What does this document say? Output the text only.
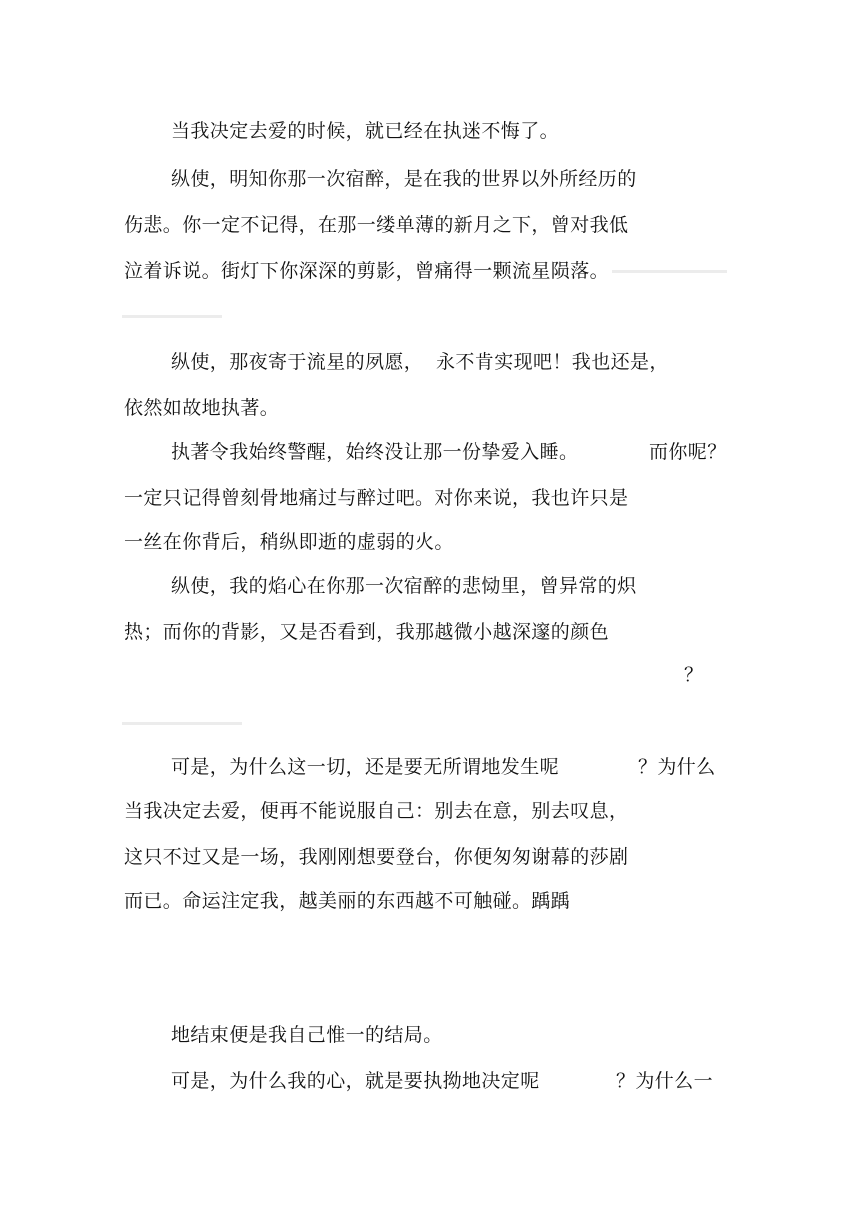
当我决定去爱的时候，就已经在执迷不悔了。
纵使，明知你那一次宿醉，是在我的世界以外所经历的
伤悲。你一定不记得，在那一缕单薄的新月之下，曾对我低
泣着诉说。街灯下你深深的剪影，曾痛得一颗流星陨落。
纵使，那夜寄于流星的夙愿， 永不肯实现吧！我也还是，
依然如故地执著。
执著令我始终警醒，始终没让那一份挚爱入睡。	而你呢？
一定只记得曾刻骨地痛过与醉过吧。对你来说，我也许只是
一丝在你背后，稍纵即逝的虚弱的火。
纵使，我的焰心在你那一次宿醉的悲恸里，曾异常的炽
热；而你的背影，又是否看到，我那越微小越深邃的颜色
？
可是，为什么这一切，还是要无所谓地发生呢	？为什么
当我决定去爱，便再不能说服自己：别去在意，别去叹息，
这只不过又是一场，我刚刚想要登台，你便匆匆谢幕的莎剧
而已。命运注定我，越美丽的东西越不可触碰。踽踽
地结束便是我自己惟一的结局。
可是，为什么我的心，就是要执拗地决定呢	？为什么一
